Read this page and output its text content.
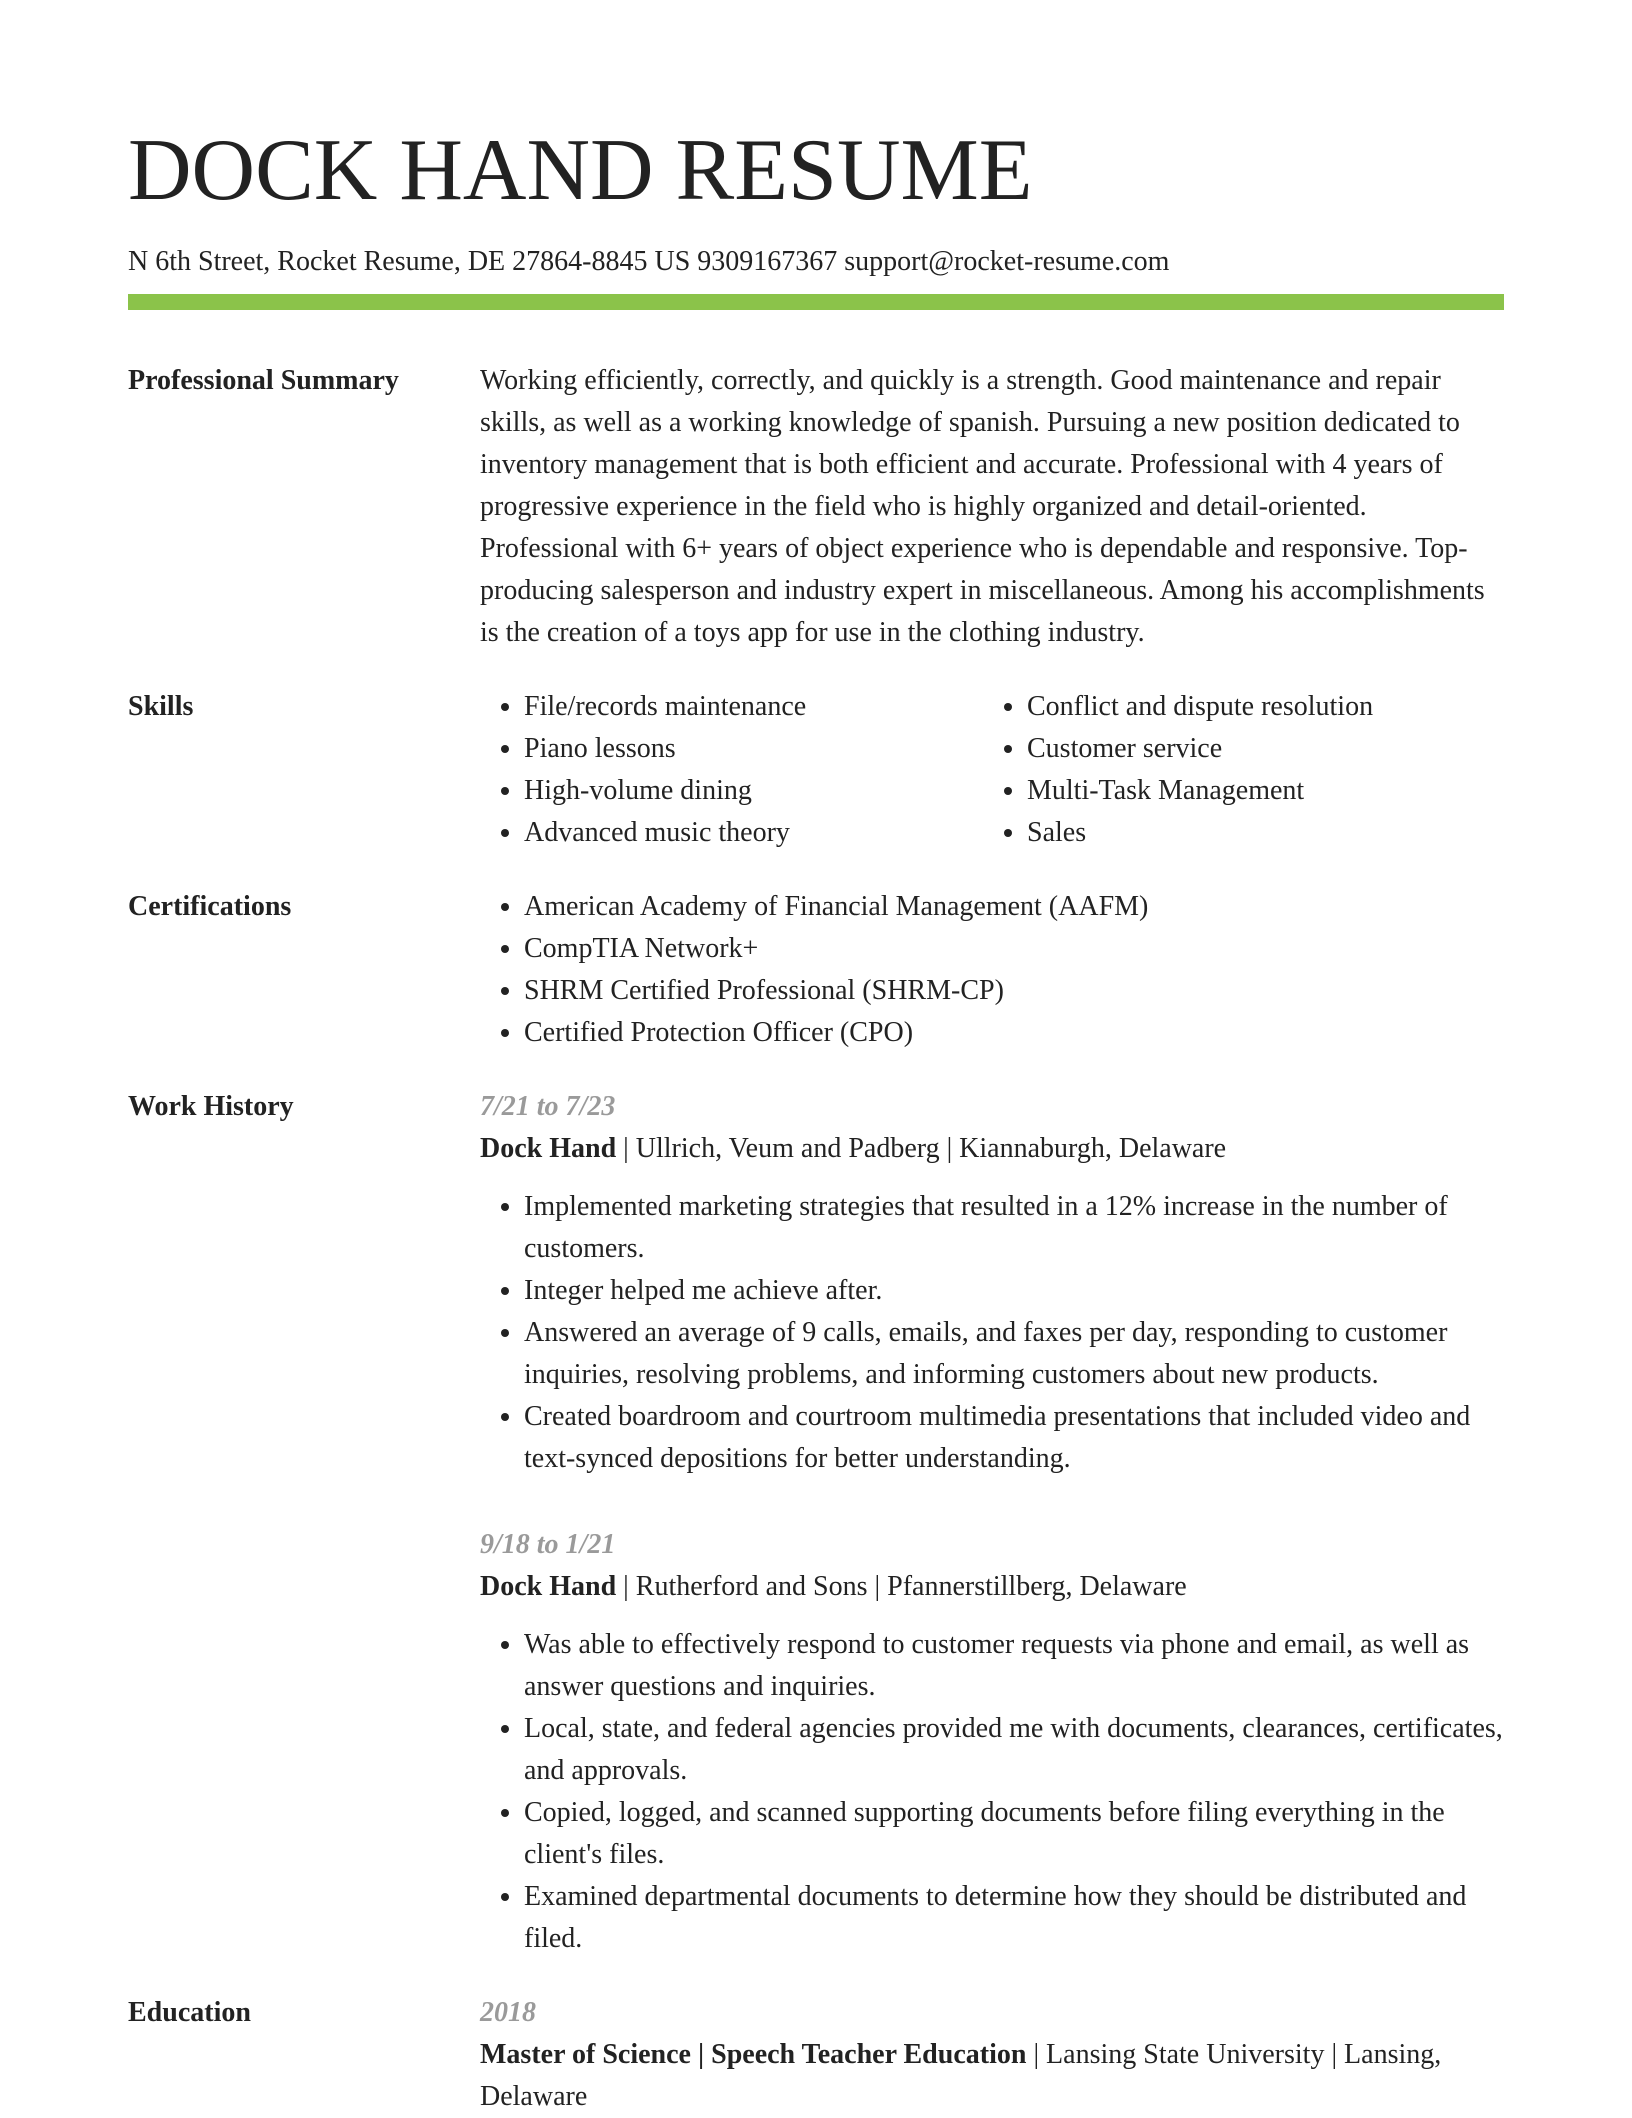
DOCK HAND RESUME
N 6th Street, Rocket Resume, DE 27864-8845 US 9309167367 support@rocket-resume.com
Professional Summary	Working efficiently, correctly, and quickly is a strength. Good maintenance and repair skills, as well as a working knowledge of spanish. Pursuing a new position dedicated to inventory management that is both efficient and accurate. Professional with 4 years of progressive experience in the field who is highly organized and detail-oriented. Professional with 6+ years of object experience who is dependable and responsive. Top-producing salesperson and industry expert in miscellaneous. Among his accomplishments is the creation of a toys app for use in the clothing industry.
Skills	• File/records maintenance
• Piano lessons
• High-volume dining
• Advanced music theory
• Conflict and dispute resolution
• Customer service
• Multi-Task Management
• Sales
Certifications	• American Academy of Financial Management (AAFM)
• CompTIA Network+
• SHRM Certified Professional (SHRM-CP)
• Certified Protection Officer (CPO)
Work History	7/21 to 7/23
Dock Hand | Ullrich, Veum and Padberg | Kiannaburgh, Delaware
• Implemented marketing strategies that resulted in a 12% increase in the number of customers.
• Integer helped me achieve after.
• Answered an average of 9 calls, emails, and faxes per day, responding to customer inquiries, resolving problems, and informing customers about new products.
• Created boardroom and courtroom multimedia presentations that included video and text-synced depositions for better understanding.
9/18 to 1/21
Dock Hand | Rutherford and Sons | Pfannerstillberg, Delaware
• Was able to effectively respond to customer requests via phone and email, as well as answer questions and inquiries.
• Local, state, and federal agencies provided me with documents, clearances, certificates, and approvals.
• Copied, logged, and scanned supporting documents before filing everything in the client's files.
• Examined departmental documents to determine how they should be distributed and filed.
Education	2018
Master of Science | Speech Teacher Education | Lansing State University | Lansing, Delaware
